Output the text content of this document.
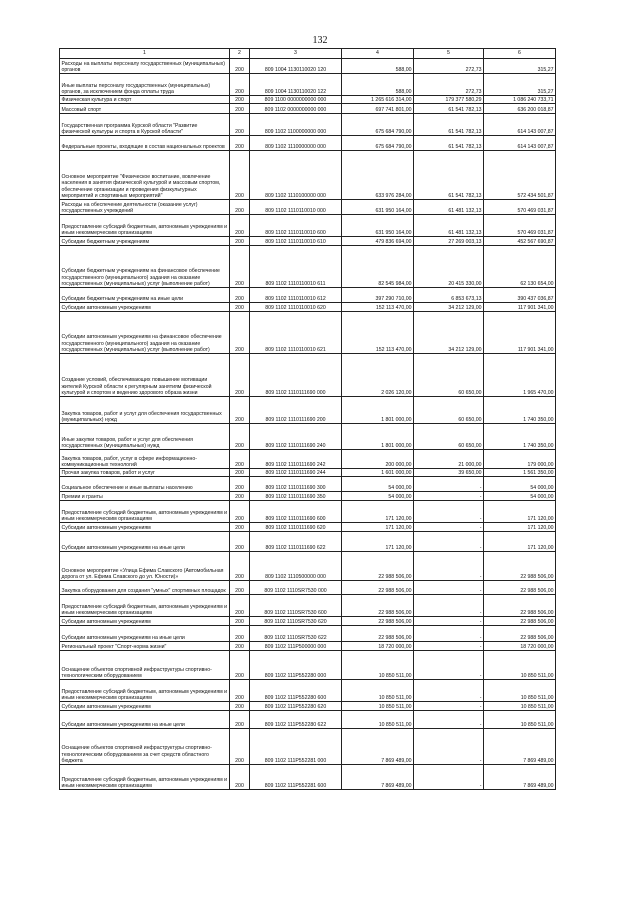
132
1	2	3	4	5	6
Расходы на выплаты персоналу государственных (муниципальных) органов	200	809 1004 1130110020 120	588,00	272,73	315,27
Иные выплаты персоналу государственных (муниципальных) органов, за исключением фонда оплаты труда	200	809 1004 1130110020 122	588,00	272,73	315,27
Физическая культура и спорт	200	809 1100 0000000000 000	1 265 616 314,00	179 377 580,29	1 086 240 733,71
Массовый спорт	200	809 1102 0000000000 000	697 741 801,00	61 541 782,13	636 200 018,87
Государственная программа Курской области "Развитие физической культуры и спорта в Курской области"	200	809 1102 1100000000 000	675 684 790,00	61 541 782,13	614 143 007,87
Федеральные проекты, входящие в состав национальных проектов	200	809 1102 1110000000 000	675 684 790,00	61 541 782,13	614 143 007,87
Основное мероприятие "Физическое воспитание, вовлечение населения в занятия физической культурой и массовым спортом, обеспечение организации и проведения физкультурных мероприятий и спортивных мероприятий"	200	809 1102 1110100000 000	633 976 284,00	61 541 782,13	572 434 501,87
Расходы на обеспечение деятельности (оказание услуг) государственных учреждений	200	809 1102 1110110010 000	631 950 164,00	61 481 132,13	570 469 031,87
Предоставление субсидий бюджетным, автономным учреждениям и иным некоммерческим организациям	200	809 1102 1110110010 600	631 950 164,00	61 481 132,13	570 469 031,87
Субсидии бюджетным учреждениям	200	809 1102 1110110010 610	479 836 694,00	27 269 003,13	452 567 690,87
Субсидии бюджетным учреждениям на финансовое обеспечение государственного (муниципального) задания на оказание государственных (муниципальных) услуг (выполнение работ)	200	809 1102 1110110010 611	82 545 984,00	20 415 330,00	62 130 654,00
Субсидии бюджетным учреждениям на иные цели	200	809 1102 1110110010 612	397 290 710,00	6 853 673,13	390 437 036,87
Субсидии автономным учреждениям	200	809 1102 1110110010 620	152 113 470,00	34 212 129,00	117 901 341,00
Субсидии автономным учреждениям на финансовое обеспечение государственного (муниципального) задания на оказание государственных (муниципальных) услуг (выполнение работ)	200	809 1102 1110110010 621	152 113 470,00	34 212 129,00	117 901 341,00
Создание условий, обеспечивающих повышение мотивации жителей Курской области к регулярным занятиям физической культурой и спортом и ведению здорового образа жизни	200	809 1102 1110111690 000	2 026 120,00	60 650,00	1 965 470,00
Закупка товаров, работ и услуг для обеспечения государственных (муниципальных) нужд	200	809 1102 1110111690 200	1 801 000,00	60 650,00	1 740 350,00
Иные закупки товаров, работ и услуг для обеспечения государственных (муниципальных) нужд	200	809 1102 1110111690 240	1 801 000,00	60 650,00	1 740 350,00
Закупка товаров, работ, услуг в сфере информационно-коммуникационных технологий	200	809 1102 1110111690 242	200 000,00	21 000,00	179 000,00
Прочая закупка товаров, работ и услуг	200	809 1102 1110111690 244	1 601 000,00	39 650,00	1 561 350,00
Социальное обеспечение и иные выплаты населению	200	809 1102 1110111690 300	54 000,00	-	54 000,00
Премии и гранты	200	809 1102 1110111690 350	54 000,00	-	54 000,00
Предоставление субсидий бюджетным, автономным учреждениям и иным некоммерческим организациям	200	809 1102 1110111690 600	171 120,00	-	171 120,00
Субсидии автономным учреждениям	200	809 1102 1110111690 620	171 120,00	-	171 120,00
Субсидии автономным учреждениям на иные цели	200	809 1102 1110111690 622	171 120,00	-	171 120,00
Основное мероприятие «Улица Ефима Славского (Автомобильная дорога от ул. Ефима Славского до ул. Юности)»	200	809 1102 1110500000 000	22 988 506,00	-	22 988 506,00
Закупка оборудования для создания "умных" спортивных площадок	200	809 1102 1110SR7530 000	22 988 506,00	-	22 988 506,00
Предоставление субсидий бюджетным, автономным учреждениям и иным некоммерческим организациям	200	809 1102 1110SR7530 600	22 988 506,00	-	22 988 506,00
Субсидии автономным учреждениям	200	809 1102 1110SR7530 620	22 988 506,00	-	22 988 506,00
Субсидии автономным учреждениям на иные цели	200	809 1102 1110SR7530 622	22 988 506,00	-	22 988 506,00
Региональный проект "Спорт-норма жизни"	200	809 1102 111P500000 000	18 720 000,00	-	18 720 000,00
Оснащение объектов спортивной инфраструктуры спортивно-технологическим оборудованием	200	809 1102 111P552280 000	10 850 511,00	-	10 850 511,00
Предоставление субсидий бюджетным, автономным учреждениям и иным некоммерческим организациям	200	809 1102 111P552280 600	10 850 511,00	-	10 850 511,00
Субсидии автономным учреждениям	200	809 1102 111P552280 620	10 850 511,00	-	10 850 511,00
Субсидии автономным учреждениям на иные цели	200	809 1102 111P552280 622	10 850 511,00	-	10 850 511,00
Оснащение объектов спортивной инфраструктуры спортивно-технологическим оборудованием за счет средств областного бюджета	200	809 1102 111P552281 000	7 869 489,00	-	7 869 489,00
Предоставление субсидий бюджетным, автономным учреждениям и иным некоммерческим организациям	200	809 1102 111P552281 600	7 869 489,00	-	7 869 489,00
